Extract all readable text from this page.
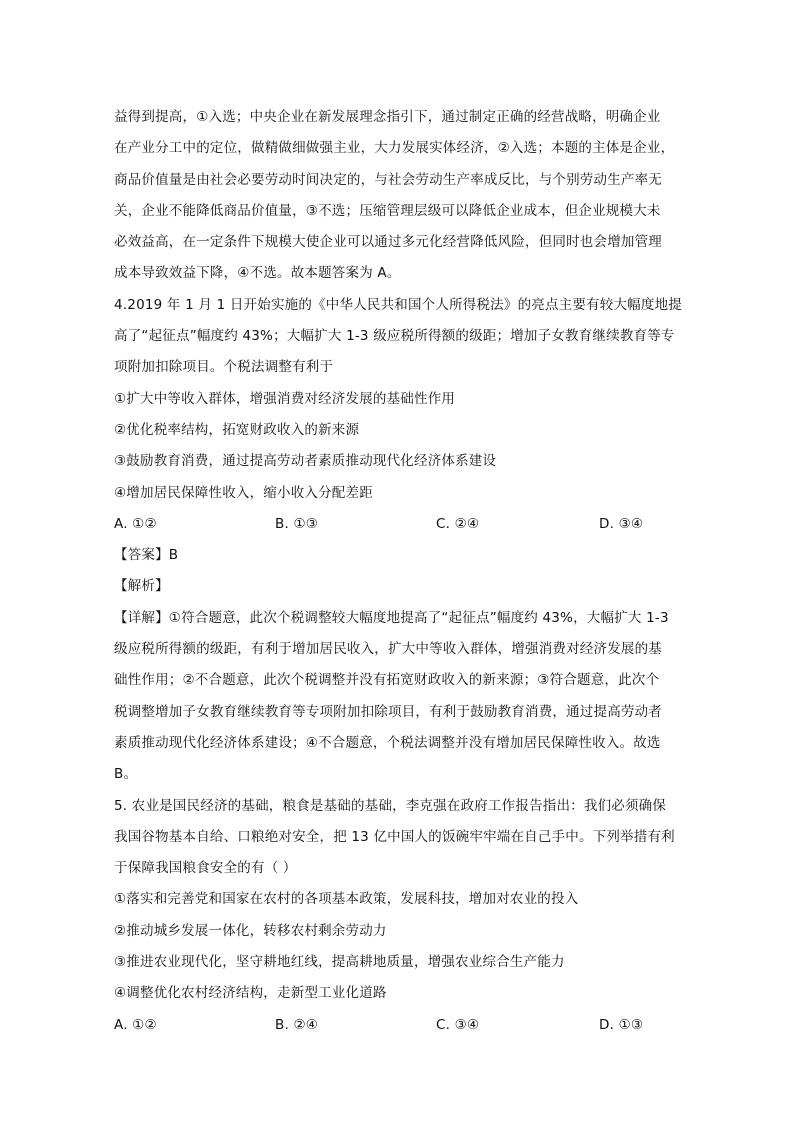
益得到提高，①入选；中央企业在新发展理念指引下，通过制定正确的经营战略，明确企业

在产业分工中的定位，做精做细做强主业，大力发展实体经济，②入选；本题的主体是企业，

商品价值量是由社会必要劳动时间决定的，与社会劳动生产率成反比，与个别劳动生产率无

关，企业不能降低商品价值量，③不选；压缩管理层级可以降低企业成本，但企业规模大未

必效益高，在一定条件下规模大使企业可以通过多元化经营降低风险，但同时也会增加管理

成本导致效益下降，④不选。故本题答案为 A。

4.2019 年 1 月 1 日开始实施的《中华人民共和国个人所得税法》的亮点主要有较大幅度地提

高了“起征点”幅度约 43%；大幅扩大 1-3 级应税所得额的级距；增加子女教育继续教育等专

项附加扣除项目。个税法调整有利于

①扩大中等收入群体，增强消费对经济发展的基础性作用

②优化税率结构，拓宽财政收入的新来源

③鼓励教育消费，通过提高劳动者素质推动现代化经济体系建设

④增加居民保障性收入，缩小收入分配差距

A. ①②	B. ①③	C. ②④	D. ③④

【答案】B

【解析】

【详解】①符合题意，此次个税调整较大幅度地提高了“起征点”幅度约 43%，大幅扩大 1-3

级应税所得额的级距，有利于增加居民收入，扩大中等收入群体，增强消费对经济发展的基

础性作用；②不合题意，此次个税调整并没有拓宽财政收入的新来源；③符合题意，此次个

税调整增加子女教育继续教育等专项附加扣除项目，有利于鼓励教育消费，通过提高劳动者

素质推动现代化经济体系建设；④不合题意，个税法调整并没有增加居民保障性收入。故选

B。

5. 农业是国民经济的基础，粮食是基础的基础，李克强在政府工作报告指出：我们必须确保

我国谷物基本自给、口粮绝对安全，把 13 亿中国人的饭碗牢牢端在自己手中。下列举措有利

于保障我国粮食安全的有（ ）

①落实和完善党和国家在农村的各项基本政策，发展科技，增加对农业的投入

②推动城乡发展一体化，转移农村剩余劳动力

③推进农业现代化，坚守耕地红线，提高耕地质量，增强农业综合生产能力

④调整优化农村经济结构，走新型工业化道路

A. ①②	B. ②④	C. ③④	D. ①③
